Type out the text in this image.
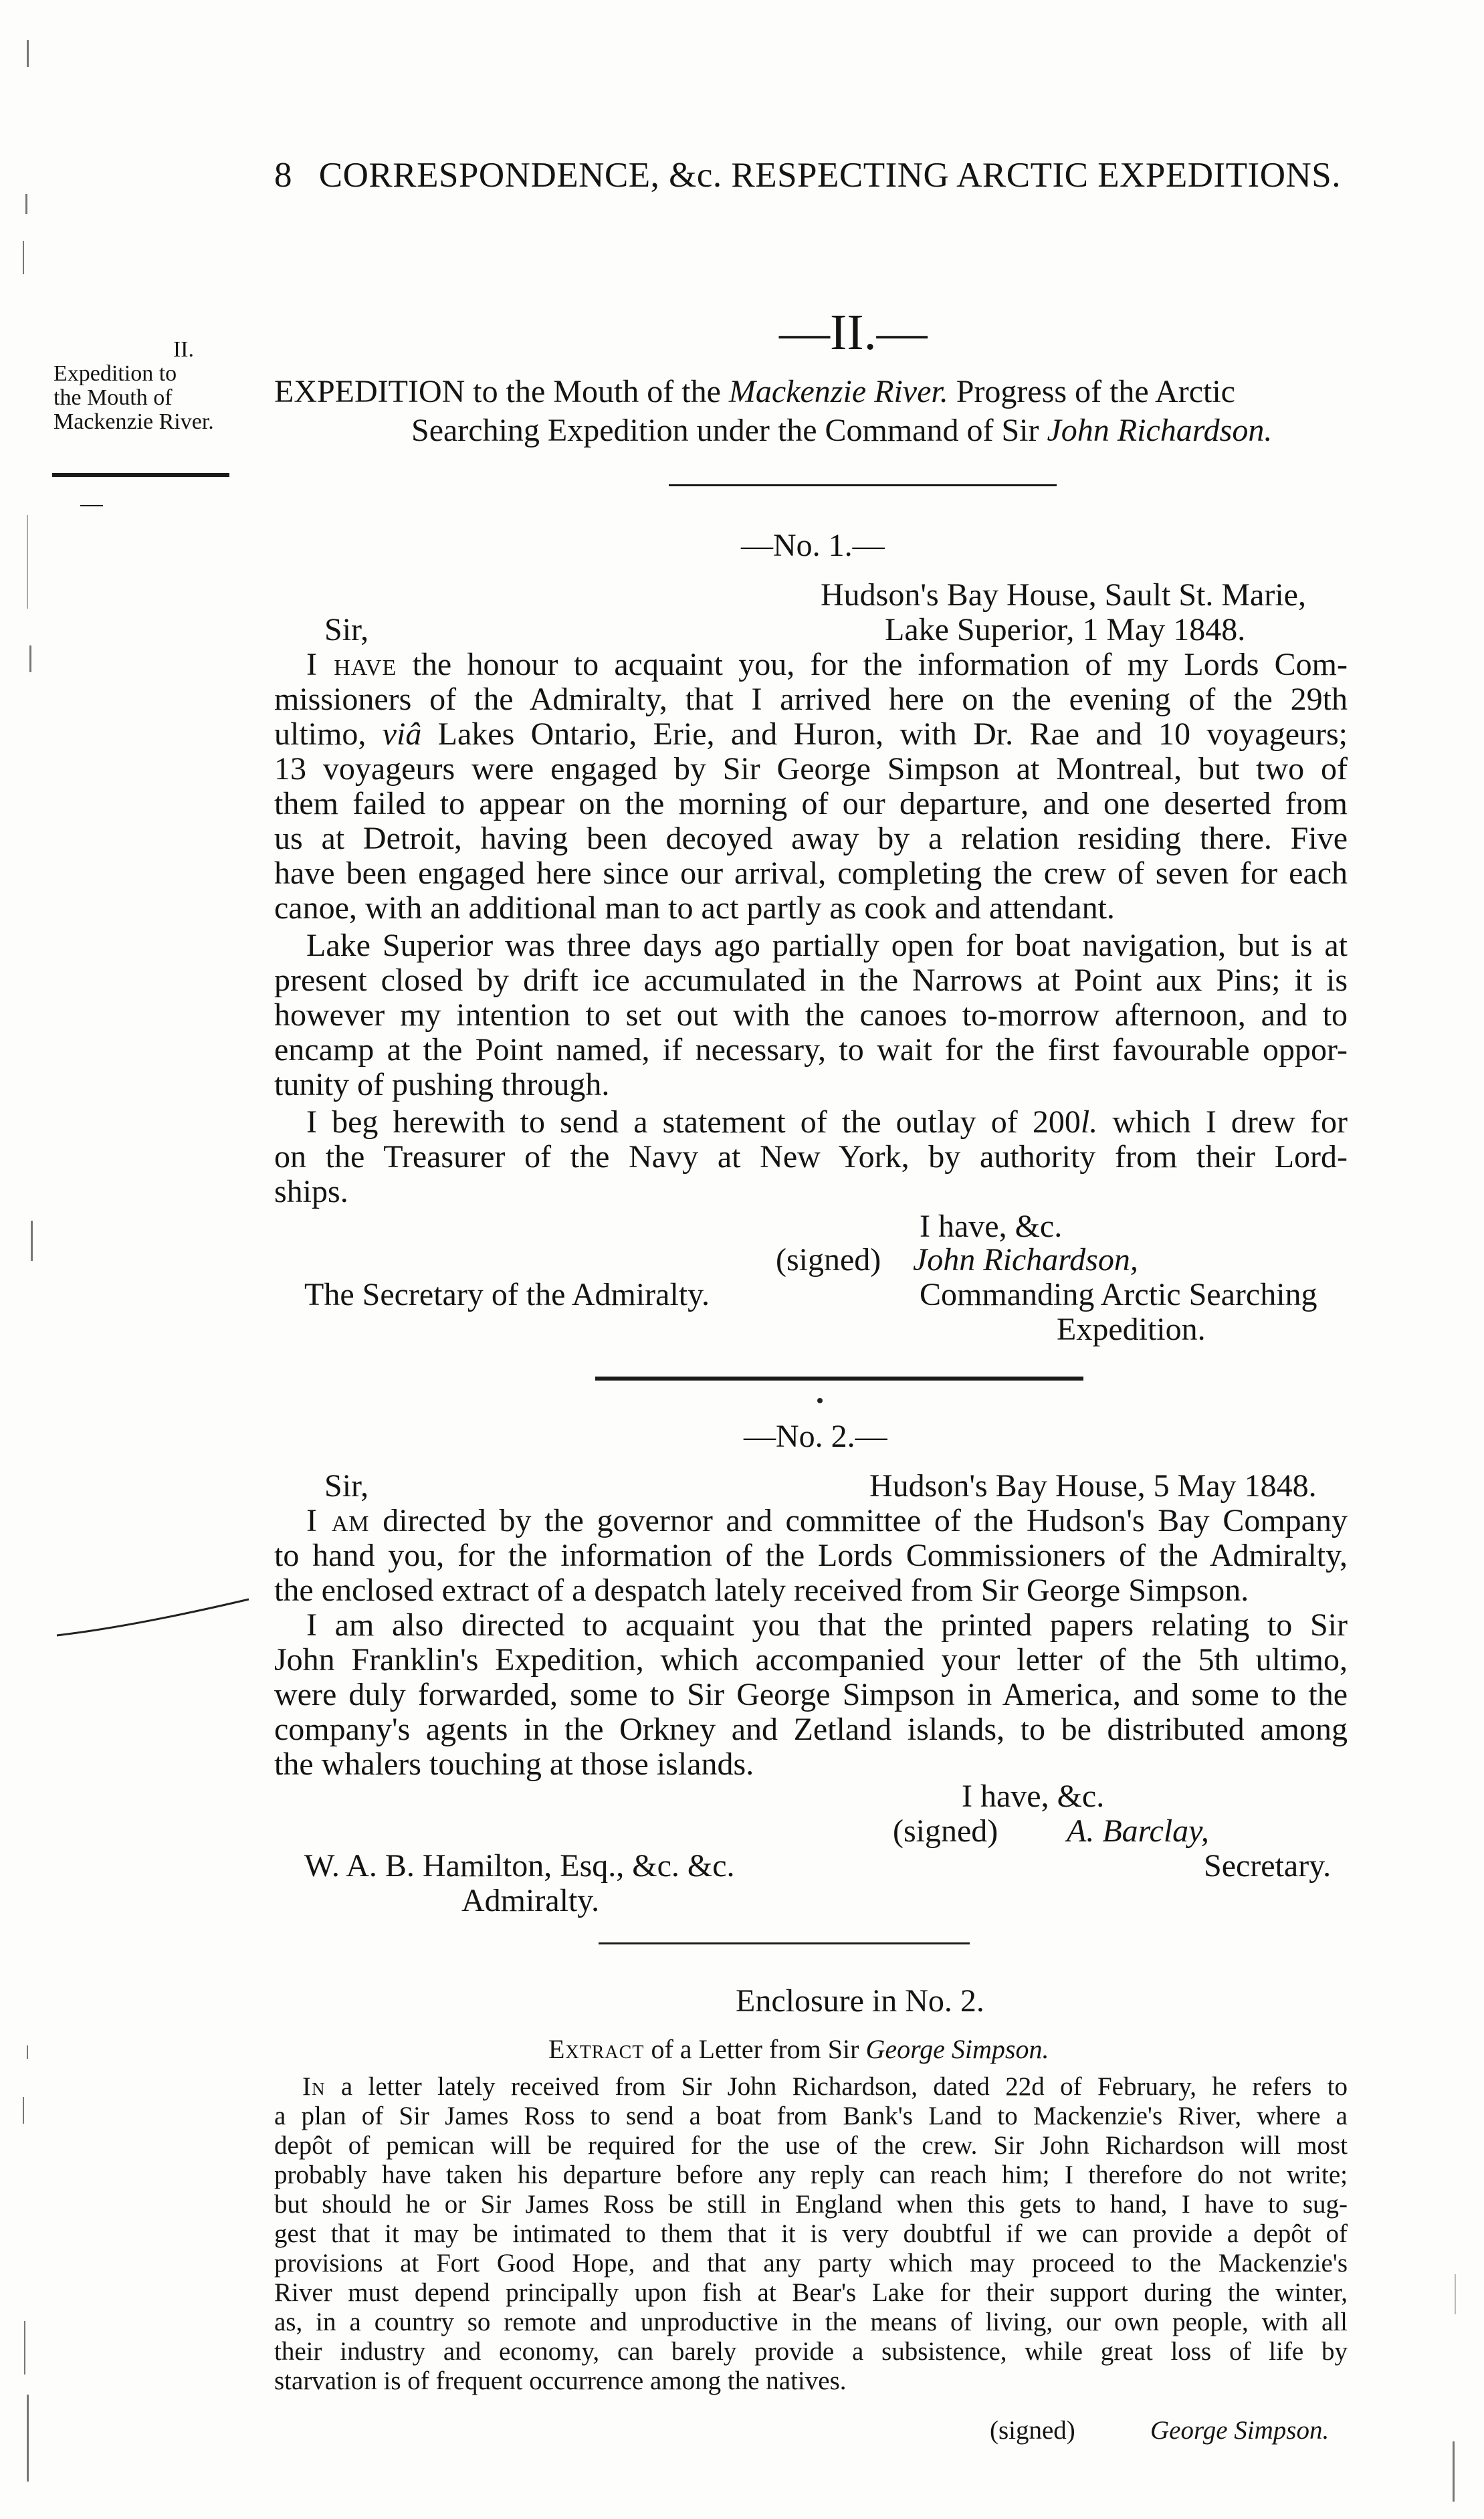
8 CORRESPONDENCE, &c. RESPECTING ARCTIC EXPEDITIONS.
—II.—
II.
Expedition to
the Mouth of
Mackenzie River.
EXPEDITION to the Mouth of the Mackenzie River. Progress of the Arctic
Searching Expedition under the Command of Sir John Richardson.
—No. 1.—
Hudson's Bay House, Sault St. Marie,
Sir,	Lake Superior, 1 May 1848.
I have the honour to acquaint you, for the information of my Lords Com-
missioners of the Admiralty, that I arrived here on the evening of the 29th
ultimo, viâ Lakes Ontario, Erie, and Huron, with Dr. Rae and 10 voyageurs;
13 voyageurs were engaged by Sir George Simpson at Montreal, but two of
them failed to appear on the morning of our departure, and one deserted from
us at Detroit, having been decoyed away by a relation residing there. Five
have been engaged here since our arrival, completing the crew of seven for each
canoe, with an additional man to act partly as cook and attendant.
Lake Superior was three days ago partially open for boat navigation, but is at
present closed by drift ice accumulated in the Narrows at Point aux Pins; it is
however my intention to set out with the canoes to-morrow afternoon, and to
encamp at the Point named, if necessary, to wait for the first favourable oppor-
tunity of pushing through.
I beg herewith to send a statement of the outlay of 200l. which I drew for
on the Treasurer of the Navy at New York, by authority from their Lord-
ships.
I have, &c.
(signed) John Richardson,
The Secretary of the Admiralty.	Commanding Arctic Searching
Expedition.
—No. 2.—
Sir,	Hudson's Bay House, 5 May 1848.
I am directed by the governor and committee of the Hudson's Bay Company
to hand you, for the information of the Lords Commissioners of the Admiralty,
the enclosed extract of a despatch lately received from Sir George Simpson.
I am also directed to acquaint you that the printed papers relating to Sir
John Franklin's Expedition, which accompanied your letter of the 5th ultimo,
were duly forwarded, some to Sir George Simpson in America, and some to the
company's agents in the Orkney and Zetland islands, to be distributed among
the whalers touching at those islands.
I have, &c.
(signed) A. Barclay,
W. A. B. Hamilton, Esq., &c. &c.	Secretary.
Admiralty.
Enclosure in No. 2.
Extract of a Letter from Sir George Simpson.
In a letter lately received from Sir John Richardson, dated 22d of February, he refers to
a plan of Sir James Ross to send a boat from Bank's Land to Mackenzie's River, where a
depôt of pemican will be required for the use of the crew. Sir John Richardson will most
probably have taken his departure before any reply can reach him; I therefore do not write;
but should he or Sir James Ross be still in England when this gets to hand, I have to sug-
gest that it may be intimated to them that it is very doubtful if we can provide a depôt of
provisions at Fort Good Hope, and that any party which may proceed to the Mackenzie's
River must depend principally upon fish at Bear's Lake for their support during the winter,
as, in a country so remote and unproductive in the means of living, our own people, with all
their industry and economy, can barely provide a subsistence, while great loss of life by
starvation is of frequent occurrence among the natives.
(signed)	George Simpson.
